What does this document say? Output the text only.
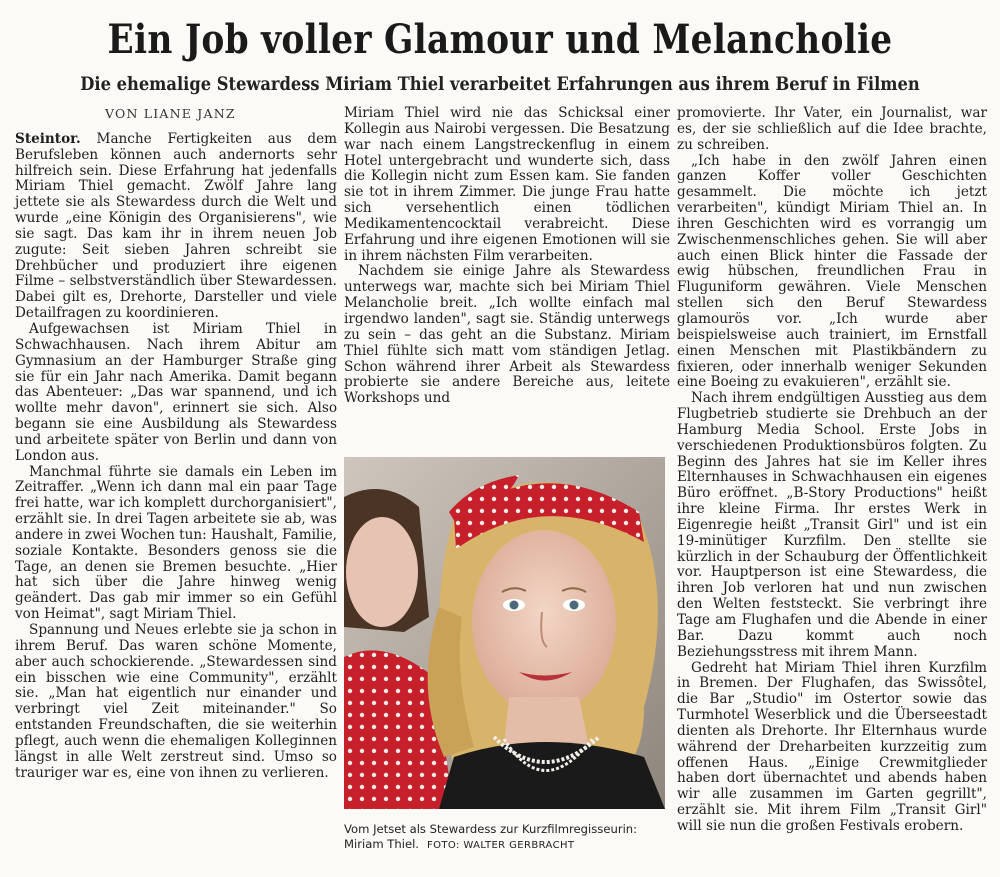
Ein Job voller Glamour und Melancholie
Die ehemalige Stewardess Miriam Thiel verarbeitet Erfahrungen aus ihrem Beruf in Filmen
VON LIANE JANZ

Steintor. Manche Fertigkeiten aus dem Berufsleben können auch andernorts sehr hilfreich sein. Diese Erfahrung hat jedenfalls Miriam Thiel gemacht. Zwölf Jahre lang jettete sie als Stewardess durch die Welt und wurde „eine Königin des Organisierens", wie sie sagt. Das kam ihr in ihrem neuen Job zugute: Seit sieben Jahren schreibt sie Drehbücher und produziert ihre eigenen Filme – selbstverständlich über Stewardessen. Dabei gilt es, Drehorte, Darsteller und viele Detailfragen zu koordinieren.

Aufgewachsen ist Miriam Thiel in Schwachhausen. Nach ihrem Abitur am Gymnasium an der Hamburger Straße ging sie für ein Jahr nach Amerika. Damit begann das Abenteuer: „Das war spannend, und ich wollte mehr davon", erinnert sie sich. Also begann sie eine Ausbildung als Stewardess und arbeitete später von Berlin und dann von London aus.

Manchmal führte sie damals ein Leben im Zeitraffer. „Wenn ich dann mal ein paar Tage frei hatte, war ich komplett durchorganisiert", erzählt sie. In drei Tagen arbeitete sie ab, was andere in zwei Wochen tun: Haushalt, Familie, soziale Kontakte. Besonders genoss sie die Tage, an denen sie Bremen besuchte. „Hier hat sich über die Jahre hinweg wenig geändert. Das gab mir immer so ein Gefühl von Heimat", sagt Miriam Thiel.

Spannung und Neues erlebte sie ja schon in ihrem Beruf. Das waren schöne Momente, aber auch schockierende. „Stewardessen sind ein bisschen wie eine Community", erzählt sie. „Man hat eigentlich nur einander und verbringt viel Zeit miteinander." So entstanden Freundschaften, die sie weiterhin pflegt, auch wenn die ehemaligen Kolleginnen längst in alle Welt zerstreut sind. Umso so trauriger war es, eine von ihnen zu verlieren.

Miriam Thiel wird nie das Schicksal einer Kollegin aus Nairobi vergessen. Die Besatzung war nach einem Langstreckenflug in einem Hotel untergebracht und wunderte sich, dass die Kollegin nicht zum Essen kam. Sie fanden sie tot in ihrem Zimmer. Die junge Frau hatte sich versehentlich einen tödlichen Medikamentencocktail verabreicht. Diese Erfahrung und ihre eigenen Emotionen will sie in ihrem nächsten Film verarbeiten.

Nachdem sie einige Jahre als Stewardess unterwegs war, machte sich bei Miriam Thiel Melancholie breit. „Ich wollte einfach mal irgendwo landen", sagt sie. Ständig unterwegs zu sein – das geht an die Substanz. Miriam Thiel fühlte sich matt vom ständigen Jetlag. Schon während ihrer Arbeit als Stewardess probierte sie andere Bereiche aus, leitete Workshops und

Vom Jetset als Stewardess zur Kurzfilmregisseurin: Miriam Thiel. FOTO: WALTER GERBRACHT

promovierte. Ihr Vater, ein Journalist, war es, der sie schließlich auf die Idee brachte, zu schreiben.

„Ich habe in den zwölf Jahren einen ganzen Koffer voller Geschichten gesammelt. Die möchte ich jetzt verarbeiten", kündigt Miriam Thiel an. In ihren Geschichten wird es vorrangig um Zwischenmenschliches gehen. Sie will aber auch einen Blick hinter die Fassade der ewig hübschen, freundlichen Frau in Fluguniform gewähren. Viele Menschen stellen sich den Beruf Stewardess glamourös vor. „Ich wurde aber beispielsweise auch trainiert, im Ernstfall einen Menschen mit Plastikbändern zu fixieren, oder innerhalb weniger Sekunden eine Boeing zu evakuieren", erzählt sie.

Nach ihrem endgültigen Ausstieg aus dem Flugbetrieb studierte sie Drehbuch an der Hamburg Media School. Erste Jobs in verschiedenen Produktionsbüros folgten. Zu Beginn des Jahres hat sie im Keller ihres Elternhauses in Schwachhausen ein eigenes Büro eröffnet. „B-Story Productions" heißt ihre kleine Firma. Ihr erstes Werk in Eigenregie heißt „Transit Girl" und ist ein 19-minütiger Kurzfilm. Den stellte sie kürzlich in der Schauburg der Öffentlichkeit vor. Hauptperson ist eine Stewardess, die ihren Job verloren hat und nun zwischen den Welten feststeckt. Sie verbringt ihre Tage am Flughafen und die Abende in einer Bar. Dazu kommt auch noch Beziehungsstress mit ihrem Mann.

Gedreht hat Miriam Thiel ihren Kurzfilm in Bremen. Der Flughafen, das Swissôtel, die Bar „Studio" im Ostertor sowie das Turmhotel Weserblick und die Überseestadt dienten als Drehorte. Ihr Elternhaus wurde während der Dreharbeiten kurzzeitig zum offenen Haus. „Einige Crewmitglieder haben dort übernachtet und abends haben wir alle zusammen im Garten gegrillt", erzählt sie. Mit ihrem Film „Transit Girl" will sie nun die großen Festivals erobern.
